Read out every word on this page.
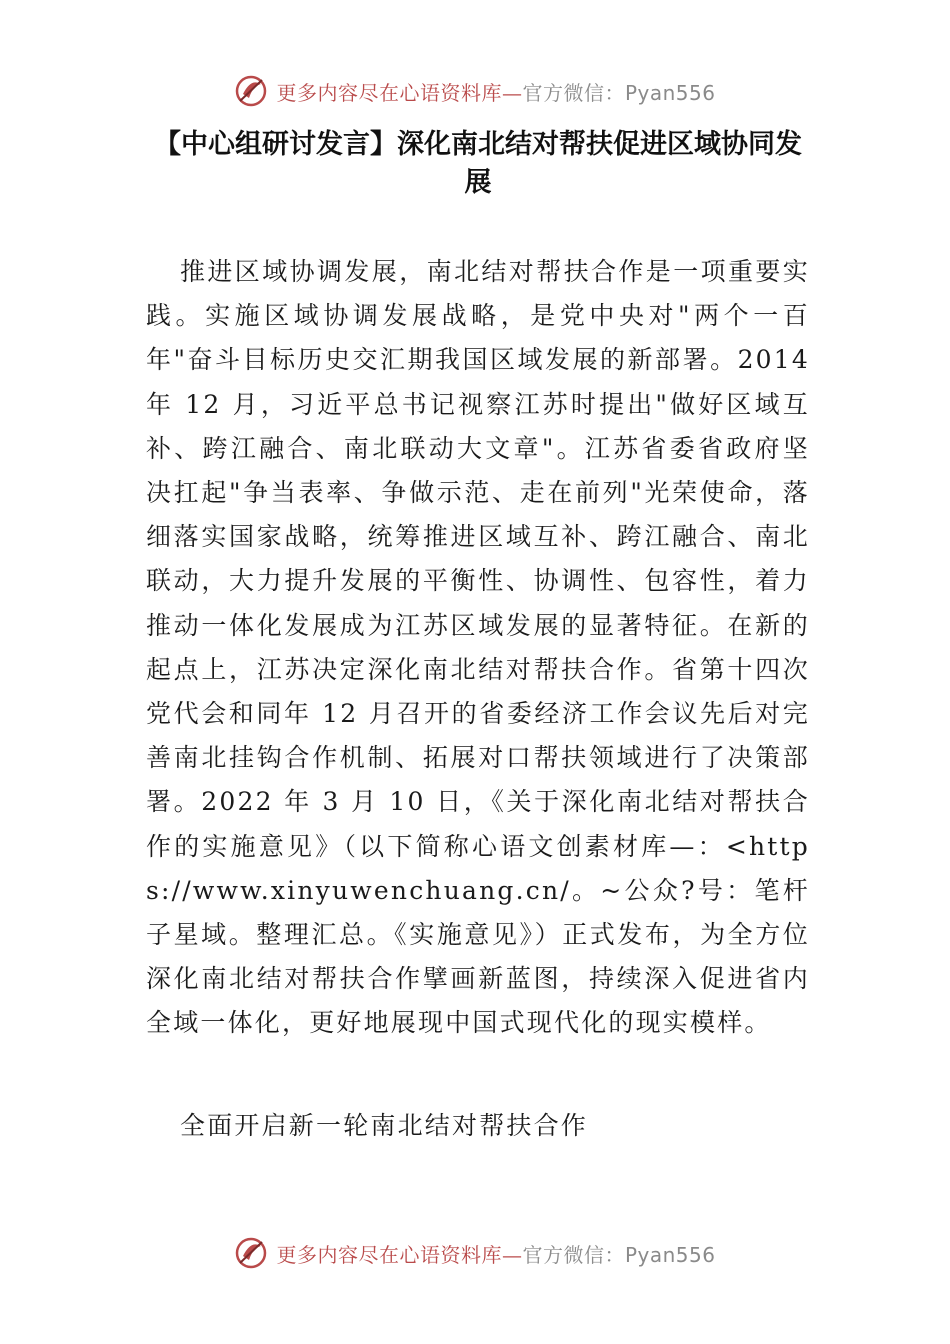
更多内容尽在心语资料库—官方微信：Pyan556
【中心组研讨发言】深化南北结对帮扶促进区域协同发展

推进区域协调发展，南北结对帮扶合作是一项重要实践。实施区域协调发展战略，是党中央对"两个一百年"奋斗目标历史交汇期我国区域发展的新部署。2014 年 12 月，习近平总书记视察江苏时提出"做好区域互补、跨江融合、南北联动大文章"。江苏省委省政府坚决扛起"争当表率、争做示范、走在前列"光荣使命，落细落实国家战略，统筹推进区域互补、跨江融合、南北联动，大力提升发展的平衡性、协调性、包容性，着力推动一体化发展成为江苏区域发展的显著特征。在新的起点上，江苏决定深化南北结对帮扶合作。省第十四次党代会和同年 12 月召开的省委经济工作会议先后对完善南北挂钩合作机制、拓展对口帮扶领域进行了决策部署。2022 年 3 月 10 日，《关于深化南北结对帮扶合作的实施意见》（以下简称心语文创素材库—：<https://www.xinyuwenchuang.cn/。~公众?号：笔杆子星域。整理汇总。《实施意见》）正式发布，为全方位深化南北结对帮扶合作擘画新蓝图，持续深入促进省内全域一体化，更好地展现中国式现代化的现实模样。

全面开启新一轮南北结对帮扶合作

更多内容尽在心语资料库—官方微信：Pyan556
